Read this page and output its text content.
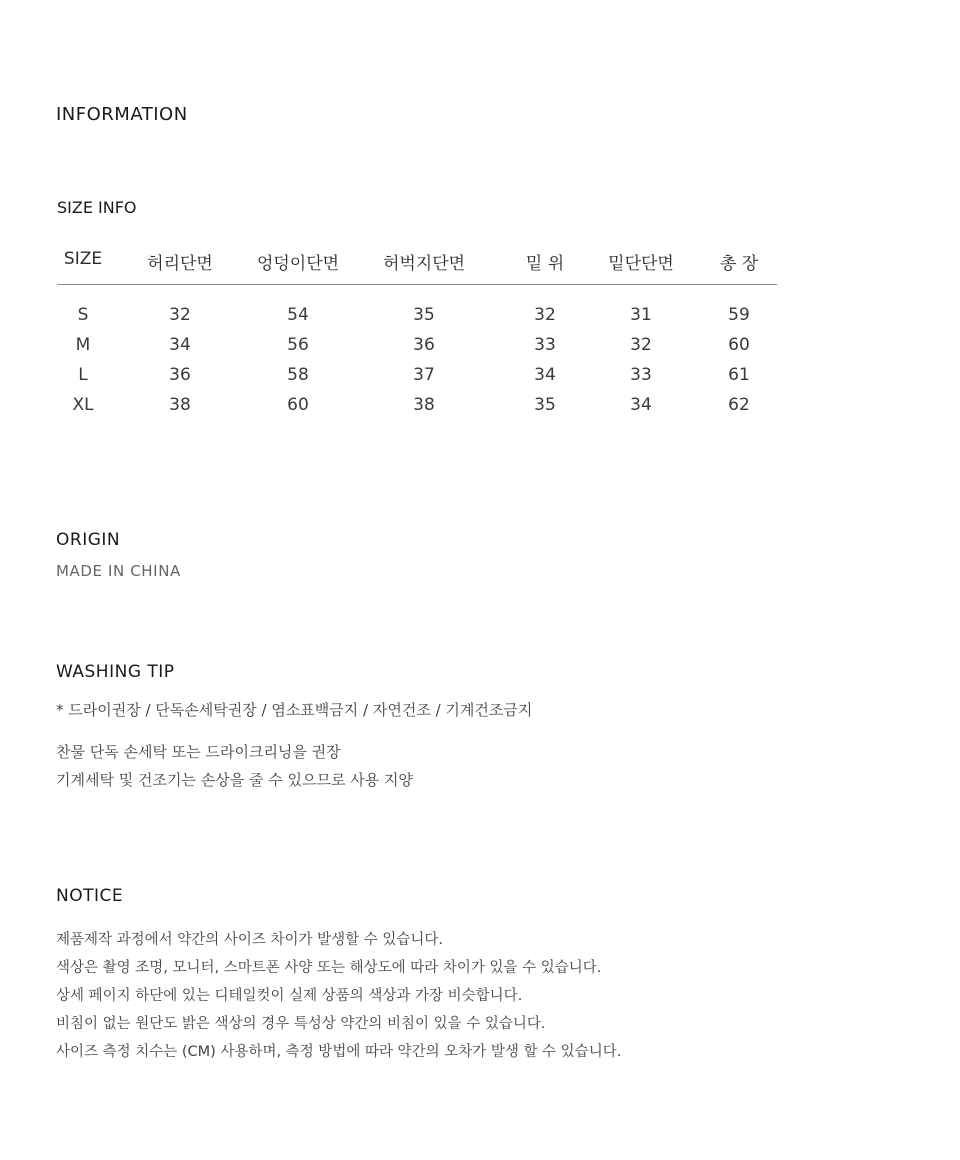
INFORMATION
SIZE INFO
SIZE	허리단면	엉덩이단면	허벅지단면	밑 위	밑단단면	총 장
S	32	54	35	32	31	59
M	34	56	36	33	32	60
L	36	58	37	34	33	61
XL	38	60	38	35	34	62
ORIGIN

MADE IN CHINA

WASHING TIP

* 드라이권장 / 단독손세탁권장 / 염소표백금지 / 자연건조 / 기계건조금지

찬물 단독 손세탁 또는 드라이크리닝을 권장

기계세탁 및 건조기는 손상을 줄 수 있으므로 사용 지양

NOTICE

제품제작 과정에서 약간의 사이즈 차이가 발생할 수 있습니다.

색상은 촬영 조명, 모니터, 스마트폰 사양 또는 해상도에 따라 차이가 있을 수 있습니다.

상세 페이지 하단에 있는 디테일컷이 실제 상품의 색상과 가장 비슷합니다.

비침이 없는 원단도 밝은 색상의 경우 특성상 약간의 비침이 있을 수 있습니다.

사이즈 측정 치수는 (CM) 사용하며, 측정 방법에 따라 약간의 오차가 발생 할 수 있습니다.
